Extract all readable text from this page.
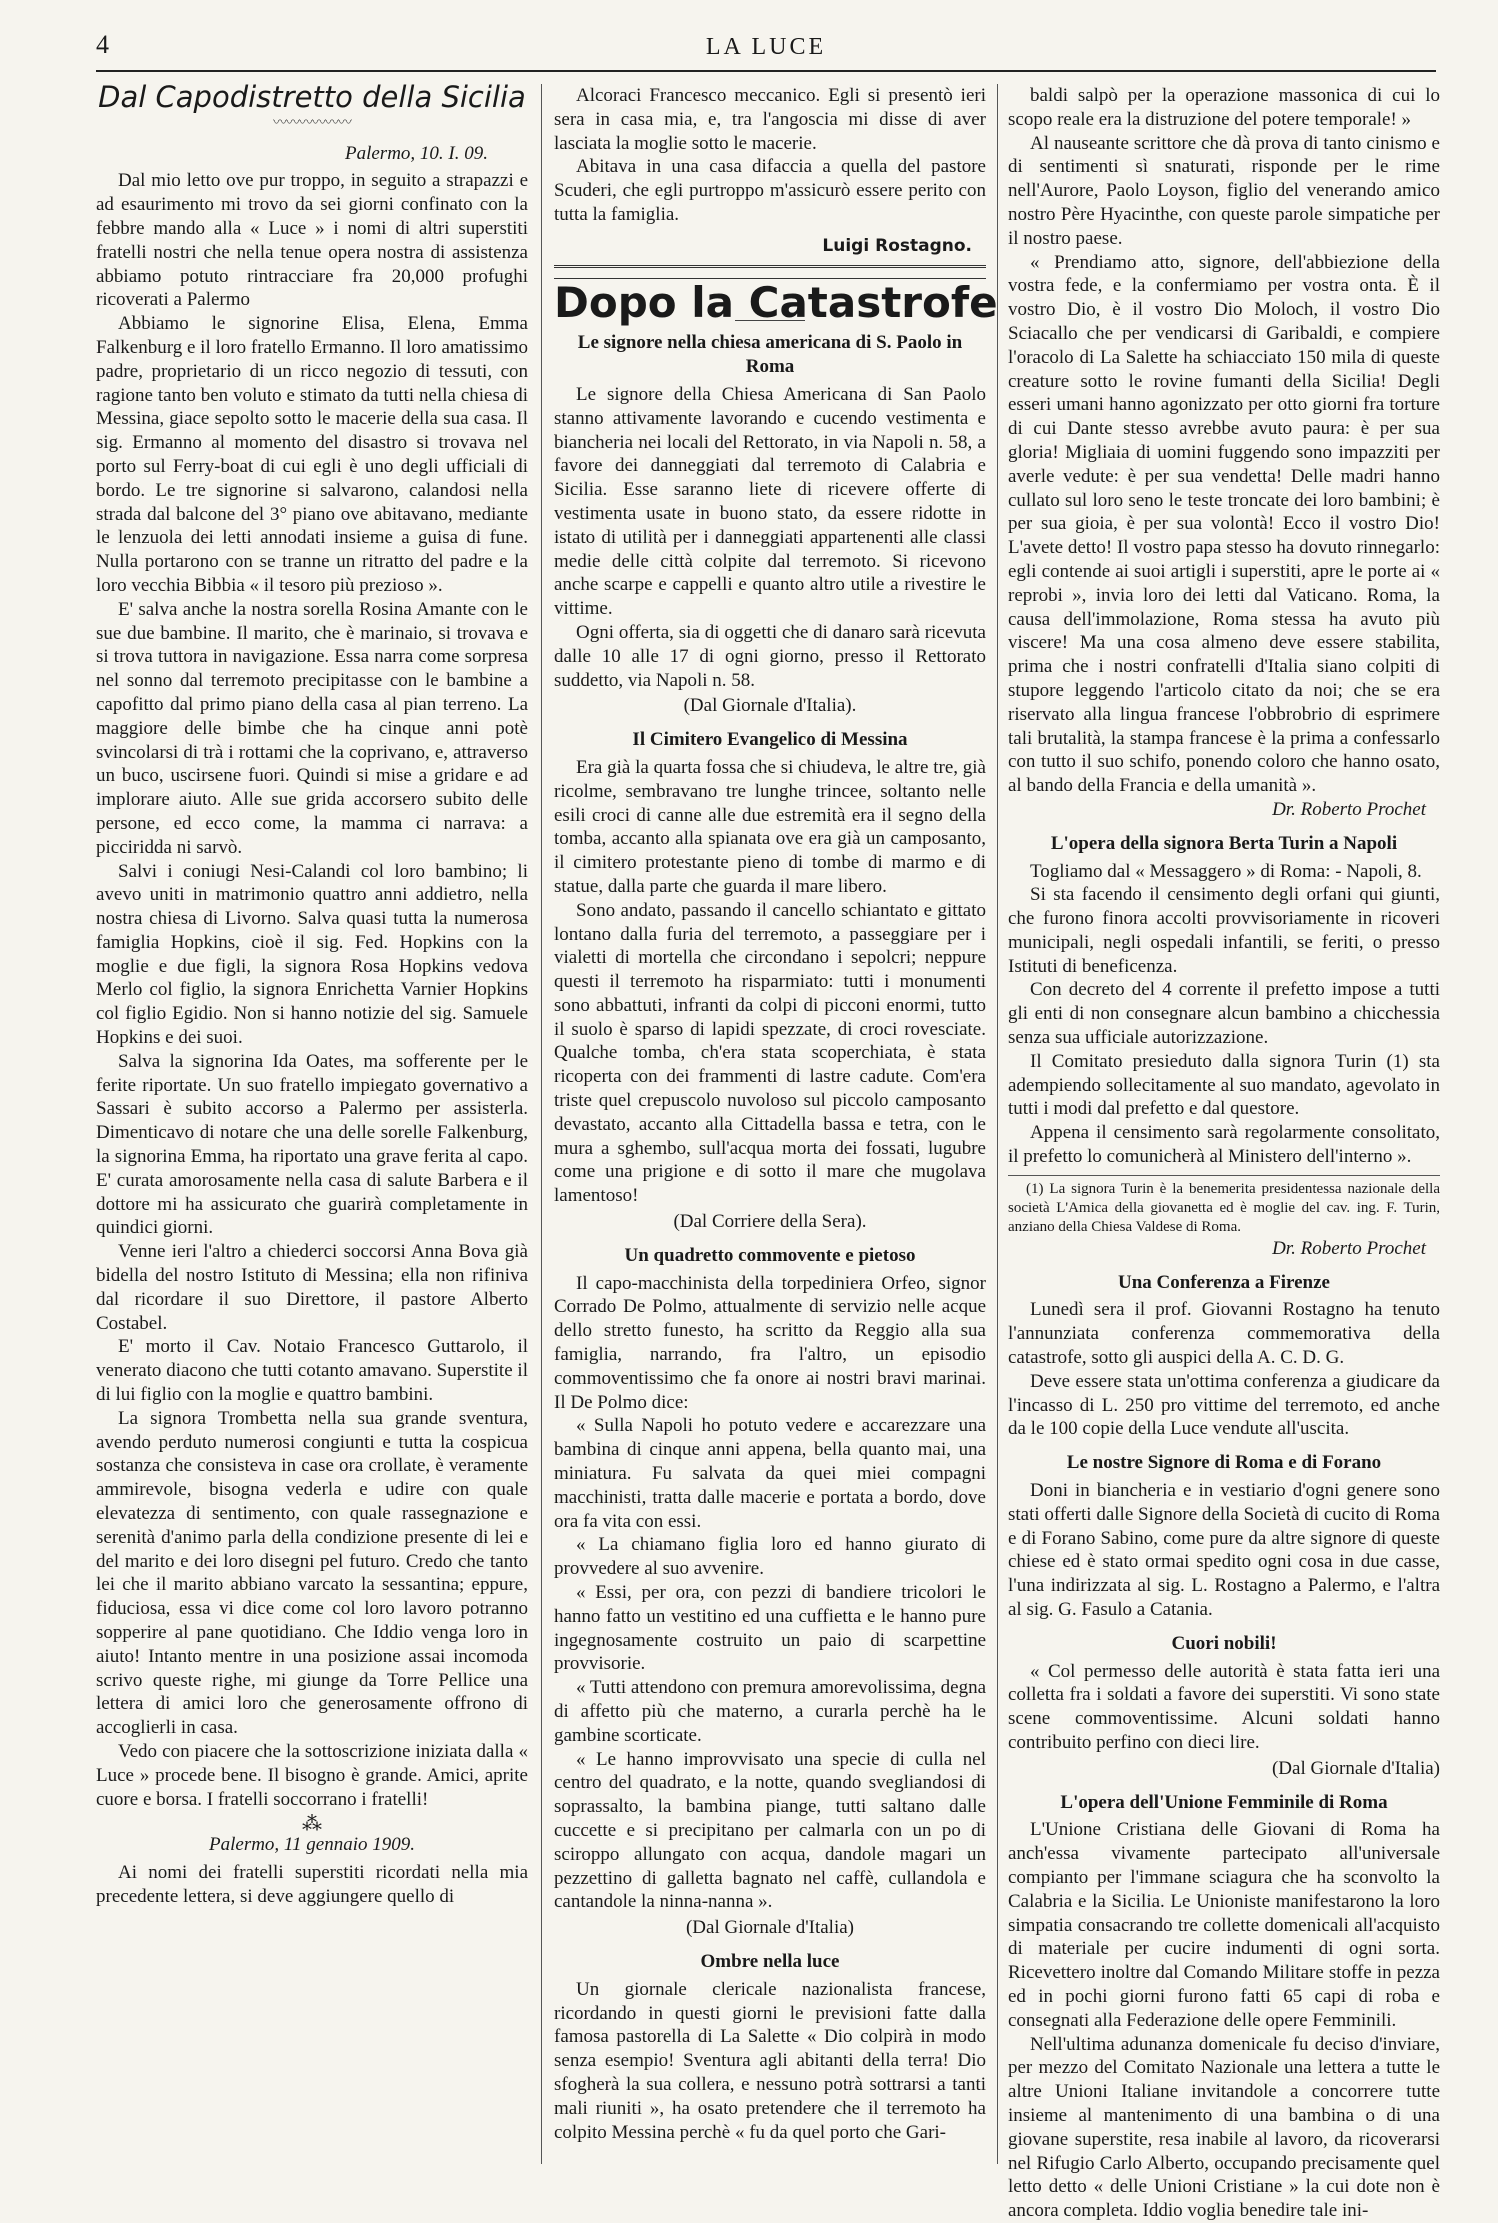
4	LA LUCE
Dal Capodistretto della Sicilia
〰〰〰〰〰〰
Palermo, 10. I. 09.

Dal mio letto ove pur troppo, in seguito a strapazzi e ad esaurimento mi trovo da sei giorni confinato con la febbre mando alla « Luce » i nomi di altri superstiti fratelli nostri che nella tenue opera nostra di assistenza abbiamo potuto rintracciare fra 20,000 profughi ricoverati a Palermo

Abbiamo le signorine Elisa, Elena, Emma Falkenburg e il loro fratello Ermanno. Il loro amatissimo padre, proprietario di un ricco negozio di tessuti, con ragione tanto ben voluto e stimato da tutti nella chiesa di Messina, giace sepolto sotto le macerie della sua casa. Il sig. Ermanno al momento del disastro si trovava nel porto sul Ferry-boat di cui egli è uno degli ufficiali di bordo. Le tre signorine si salvarono, calandosi nella strada dal balcone del 3° piano ove abitavano, mediante le lenzuola dei letti annodati insieme a guisa di fune. Nulla portarono con se tranne un ritratto del padre e la loro vecchia Bibbia « il tesoro più prezioso ».

E' salva anche la nostra sorella Rosina Amante con le sue due bambine. Il marito, che è marinaio, si trovava e si trova tuttora in navigazione. Essa narra come sorpresa nel sonno dal terremoto precipitasse con le bambine a capofitto dal primo piano della casa al pian terreno. La maggiore delle bimbe che ha cinque anni potè svincolarsi di trà i rottami che la coprivano, e, attraverso un buco, uscirsene fuori. Quindi si mise a gridare e ad implorare aiuto. Alle sue grida accorsero subito delle persone, ed ecco come, la mamma ci narrava: a picciridda ni sarvò.

Salvi i coniugi Nesi-Calandi col loro bambino; li avevo uniti in matrimonio quattro anni addietro, nella nostra chiesa di Livorno. Salva quasi tutta la numerosa famiglia Hopkins, cioè il sig. Fed. Hopkins con la moglie e due figli, la signora Rosa Hopkins vedova Merlo col figlio, la signora Enrichetta Varnier Hopkins col figlio Egidio. Non si hanno notizie del sig. Samuele Hopkins e dei suoi.

Salva la signorina Ida Oates, ma sofferente per le ferite riportate. Un suo fratello impiegato governativo a Sassari è subito accorso a Palermo per assisterla. Dimenticavo di notare che una delle sorelle Falkenburg, la signorina Emma, ha riportato una grave ferita al capo. E' curata amorosamente nella casa di salute Barbera e il dottore mi ha assicurato che guarirà completamente in quindici giorni.

Venne ieri l'altro a chiederci soccorsi Anna Bova già bidella del nostro Istituto di Messina; ella non rifiniva dal ricordare il suo Direttore, il pastore Alberto Costabel.

E' morto il Cav. Notaio Francesco Guttarolo, il venerato diacono che tutti cotanto amavano. Superstite il di lui figlio con la moglie e quattro bambini.

La signora Trombetta nella sua grande sventura, avendo perduto numerosi congiunti e tutta la cospicua sostanza che consisteva in case ora crollate, è veramente ammirevole, bisogna vederla e udire con quale elevatezza di sentimento, con quale rassegnazione e serenità d'animo parla della condizione presente di lei e del marito e dei loro disegni pel futuro. Credo che tanto lei che il marito abbiano varcato la sessantina; eppure, fiduciosa, essa vi dice come col loro lavoro potranno sopperire al pane quotidiano. Che Iddio venga loro in aiuto! Intanto mentre in una posizione assai incomoda scrivo queste righe, mi giunge da Torre Pellice una lettera di amici loro che generosamente offrono di accoglierli in casa.

Vedo con piacere che la sottoscrizione iniziata dalla « Luce » procede bene. Il bisogno è grande. Amici, aprite cuore e borsa. I fratelli soccorrano i fratelli!

⁂
Palermo, 11 gennaio 1909.

Ai nomi dei fratelli superstiti ricordati nella mia precedente lettera, si deve aggiungere quello di

Alcoraci Francesco meccanico. Egli si presentò ieri sera in casa mia, e, tra l'angoscia mi disse di aver lasciata la moglie sotto le macerie.

Abitava in una casa difaccia a quella del pastore Scuderi, che egli purtroppo m'assicurò essere perito con tutta la famiglia.

Luigi Rostagno.
Dopo la Catastrofe
Le signore nella chiesa americana di S. Paolo in Roma

Le signore della Chiesa Americana di San Paolo stanno attivamente lavorando e cucendo vestimenta e biancheria nei locali del Rettorato, in via Napoli n. 58, a favore dei danneggiati dal terremoto di Calabria e Sicilia. Esse saranno liete di ricevere offerte di vestimenta usate in buono stato, da essere ridotte in istato di utilità per i danneggiati appartenenti alle classi medie delle città colpite dal terremoto. Si ricevono anche scarpe e cappelli e quanto altro utile a rivestire le vittime.

Ogni offerta, sia di oggetti che di danaro sarà ricevuta dalle 10 alle 17 di ogni giorno, presso il Rettorato suddetto, via Napoli n. 58.

(Dal Giornale d'Italia).
Il Cimitero Evangelico di Messina

Era già la quarta fossa che si chiudeva, le altre tre, già ricolme, sembravano tre lunghe trincee, soltanto nelle esili croci di canne alle due estremità era il segno della tomba, accanto alla spianata ove era già un camposanto, il cimitero protestante pieno di tombe di marmo e di statue, dalla parte che guarda il mare libero.

Sono andato, passando il cancello schiantato e gittato lontano dalla furia del terremoto, a passeggiare per i vialetti di mortella che circondano i sepolcri; neppure questi il terremoto ha risparmiato: tutti i monumenti sono abbattuti, infranti da colpi di picconi enormi, tutto il suolo è sparso di lapidi spezzate, di croci rovesciate. Qualche tomba, ch'era stata scoperchiata, è stata ricoperta con dei frammenti di lastre cadute. Com'era triste quel crepuscolo nuvoloso sul piccolo camposanto devastato, accanto alla Cittadella bassa e tetra, con le mura a sghembo, sull'acqua morta dei fossati, lugubre come una prigione e di sotto il mare che mugolava lamentoso!

(Dal Corriere della Sera).
Un quadretto commovente e pietoso

Il capo-macchinista della torpediniera Orfeo, signor Corrado De Polmo, attualmente di servizio nelle acque dello stretto funesto, ha scritto da Reggio alla sua famiglia, narrando, fra l'altro, un episodio commoventissimo che fa onore ai nostri bravi marinai. Il De Polmo dice:

« Sulla Napoli ho potuto vedere e accarezzare una bambina di cinque anni appena, bella quanto mai, una miniatura. Fu salvata da quei miei compagni macchinisti, tratta dalle macerie e portata a bordo, dove ora fa vita con essi.

« La chiamano figlia loro ed hanno giurato di provvedere al suo avvenire.

« Essi, per ora, con pezzi di bandiere tricolori le hanno fatto un vestitino ed una cuffietta e le hanno pure ingegnosamente costruito un paio di scarpettine provvisorie.

« Tutti attendono con premura amorevolissima, degna di affetto più che materno, a curarla perchè ha le gambine scorticate.

« Le hanno improvvisato una specie di culla nel centro del quadrato, e la notte, quando svegliandosi di soprassalto, la bambina piange, tutti saltano dalle cuccette e si precipitano per calmarla con un po di sciroppo allungato con acqua, dandole magari un pezzettino di galletta bagnato nel caffè, cullandola e cantandole la ninna-nanna ».

(Dal Giornale d'Italia)
Ombre nella luce

Un giornale clericale nazionalista francese, ricordando in questi giorni le previsioni fatte dalla famosa pastorella di La Salette « Dio colpirà in modo senza esempio! Sventura agli abitanti della terra! Dio sfogherà la sua collera, e nessuno potrà sottrarsi a tanti mali riuniti », ha osato pretendere che il terremoto ha colpito Messina perchè « fu da quel porto che Gari-

baldi salpò per la operazione massonica di cui lo scopo reale era la distruzione del potere temporale! »

Al nauseante scrittore che dà prova di tanto cinismo e di sentimenti sì snaturati, risponde per le rime nell'Aurore, Paolo Loyson, figlio del venerando amico nostro Père Hyacinthe, con queste parole simpatiche per il nostro paese.

« Prendiamo atto, signore, dell'abbiezione della vostra fede, e la confermiamo per vostra onta. È il vostro Dio, è il vostro Dio Moloch, il vostro Dio Sciacallo che per vendicarsi di Garibaldi, e compiere l'oracolo di La Salette ha schiacciato 150 mila di queste creature sotto le rovine fumanti della Sicilia! Degli esseri umani hanno agonizzato per otto giorni fra torture di cui Dante stesso avrebbe avuto paura: è per sua gloria! Migliaia di uomini fuggendo sono impazziti per averle vedute: è per sua vendetta! Delle madri hanno cullato sul loro seno le teste troncate dei loro bambini; è per sua gioia, è per sua volontà! Ecco il vostro Dio! L'avete detto! Il vostro papa stesso ha dovuto rinnegarlo: egli contende ai suoi artigli i superstiti, apre le porte ai « reprobi », invia loro dei letti dal Vaticano. Roma, la causa dell'immolazione, Roma stessa ha avuto più viscere! Ma una cosa almeno deve essere stabilita, prima che i nostri confratelli d'Italia siano colpiti di stupore leggendo l'articolo citato da noi; che se era riservato alla lingua francese l'obbrobrio di esprimere tali brutalità, la stampa francese è la prima a confessarlo con tutto il suo schifo, ponendo coloro che hanno osato, al bando della Francia e della umanità ».

Dr. Roberto Prochet
L'opera della signora Berta Turin a Napoli

Togliamo dal « Messaggero » di Roma: - Napoli, 8.

Si sta facendo il censimento degli orfani qui giunti, che furono finora accolti provvisoriamente in ricoveri municipali, negli ospedali infantili, se feriti, o presso Istituti di beneficenza.

Con decreto del 4 corrente il prefetto impose a tutti gli enti di non consegnare alcun bambino a chicchessia senza sua ufficiale autorizzazione.

Il Comitato presieduto dalla signora Turin (1) sta adempiendo sollecitamente al suo mandato, agevolato in tutti i modi dal prefetto e dal questore.

Appena il censimento sarà regolarmente consolitato, il prefetto lo comunicherà al Ministero dell'interno ».

(1) La signora Turin è la benemerita presidentessa nazionale della società L'Amica della giovanetta ed è moglie del cav. ing. F. Turin, anziano della Chiesa Valdese di Roma.

Dr. Roberto Prochet
Una Conferenza a Firenze

Lunedì sera il prof. Giovanni Rostagno ha tenuto l'annunziata conferenza commemorativa della catastrofe, sotto gli auspici della A. C. D. G.

Deve essere stata un'ottima conferenza a giudicare da l'incasso di L. 250 pro vittime del terremoto, ed anche da le 100 copie della Luce vendute all'uscita.

Le nostre Signore di Roma e di Forano

Doni in biancheria e in vestiario d'ogni genere sono stati offerti dalle Signore della Società di cucito di Roma e di Forano Sabino, come pure da altre signore di queste chiese ed è stato ormai spedito ogni cosa in due casse, l'una indirizzata al sig. L. Rostagno a Palermo, e l'altra al sig. G. Fasulo a Catania.

Cuori nobili!

« Col permesso delle autorità è stata fatta ieri una colletta fra i soldati a favore dei superstiti. Vi sono state scene commoventissime. Alcuni soldati hanno contribuito perfino con dieci lire.

(Dal Giornale d'Italia)
L'opera dell'Unione Femminile di Roma

L'Unione Cristiana delle Giovani di Roma ha anch'essa vivamente partecipato all'universale compianto per l'immane sciagura che ha sconvolto la Calabria e la Sicilia. Le Unioniste manifestarono la loro simpatia consacrando tre collette domenicali all'acquisto di materiale per cucire indumenti di ogni sorta. Ricevettero inoltre dal Comando Militare stoffe in pezza ed in pochi giorni furono fatti 65 capi di roba e consegnati alla Federazione delle opere Femminili.

Nell'ultima adunanza domenicale fu deciso d'inviare, per mezzo del Comitato Nazionale una lettera a tutte le altre Unioni Italiane invitandole a concorrere tutte insieme al mantenimento di una bambina o di una giovane superstite, resa inabile al lavoro, da ricoverarsi nel Rifugio Carlo Alberto, occupando precisamente quel letto detto « delle Unioni Cristiane » la cui dote non è ancora completa. Iddio voglia benedire tale ini-
